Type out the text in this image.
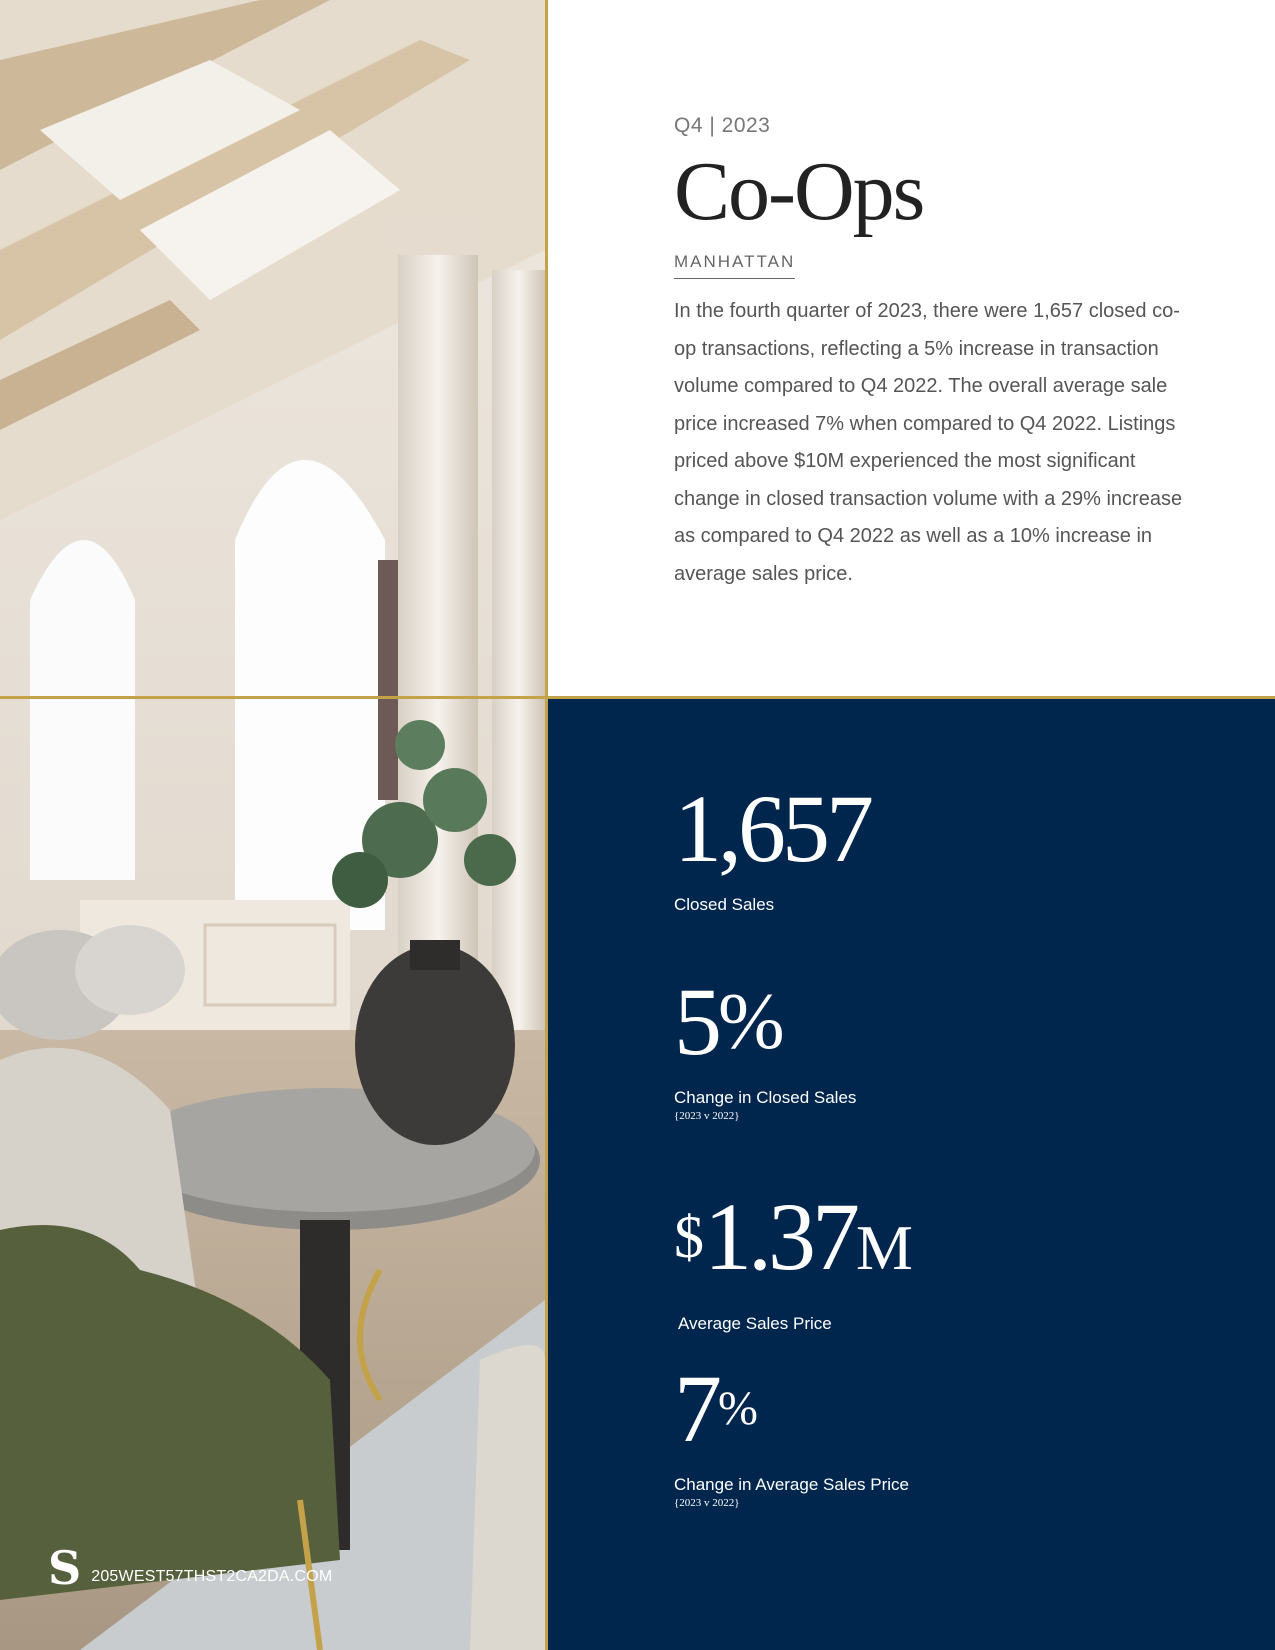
S 205WEST57THST2CA2DA.COM
Q4 | 2023
Co-Ops
MANHATTAN
In the fourth quarter of 2023, there were 1,657 closed co-op transactions, reflecting a 5% increase in transaction volume compared to Q4 2022. The overall average sale price increased 7% when compared to Q4 2022. Listings priced above $10M experienced the most significant change in closed transaction volume with a 29% increase as compared to Q4 2022 as well as a 10% increase in average sales price.
1,657
Closed Sales
5%
Change in Closed Sales
{2023 v 2022}
$1.37M
Average Sales Price
7%
Change in Average Sales Price
{2023 v 2022}
